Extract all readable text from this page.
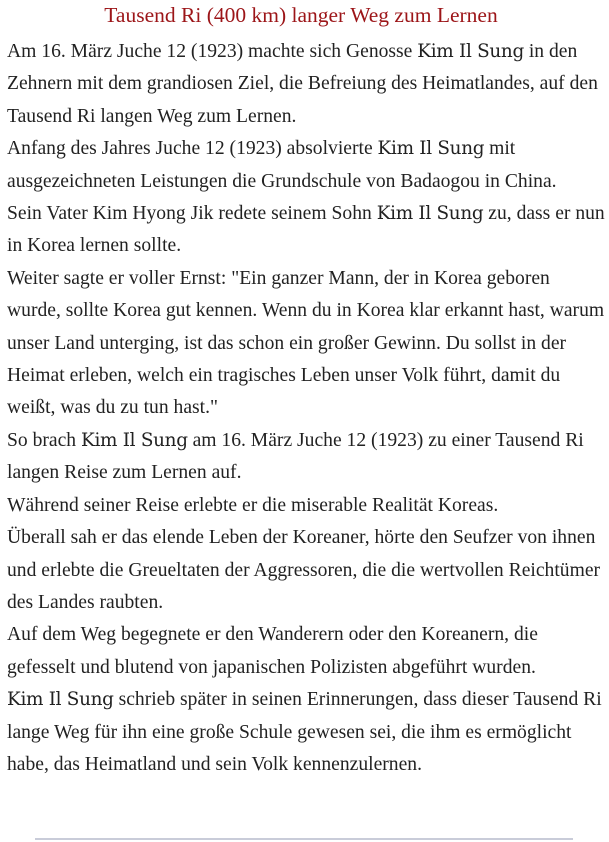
Tausend Ri (400 km) langer Weg zum Lernen

Am 16. März Juche 12 (1923) machte sich Genosse Kim Il Sung in den Zehnern mit dem grandiosen Ziel, die Befreiung des Heimatlandes, auf den Tausend Ri langen Weg zum Lernen.

Anfang des Jahres Juche 12 (1923) absolvierte Kim Il Sung mit ausgezeichneten Leistungen die Grundschule von Badaogou in China.

Sein Vater Kim Hyong Jik redete seinem Sohn Kim Il Sung zu, dass er nun in Korea lernen sollte.

Weiter sagte er voller Ernst: "Ein ganzer Mann, der in Korea geboren wurde, sollte Korea gut kennen. Wenn du in Korea klar erkannt hast, warum unser Land unterging, ist das schon ein großer Gewinn. Du sollst in der Heimat erleben, welch ein tragisches Leben unser Volk führt, damit du weißt, was du zu tun hast."

So brach Kim Il Sung am 16. März Juche 12 (1923) zu einer Tausend Ri langen Reise zum Lernen auf.

Während seiner Reise erlebte er die miserable Realität Koreas.

Überall sah er das elende Leben der Koreaner, hörte den Seufzer von ihnen und erlebte die Greueltaten der Aggressoren, die die wertvollen Reichtümer des Landes raubten.

Auf dem Weg begegnete er den Wanderern oder den Koreanern, die gefesselt und blutend von japanischen Polizisten abgeführt wurden.

Kim Il Sung schrieb später in seinen Erinnerungen, dass dieser Tausend Ri lange Weg für ihn eine große Schule gewesen sei, die ihm es ermöglicht habe, das Heimatland und sein Volk kennenzulernen.
